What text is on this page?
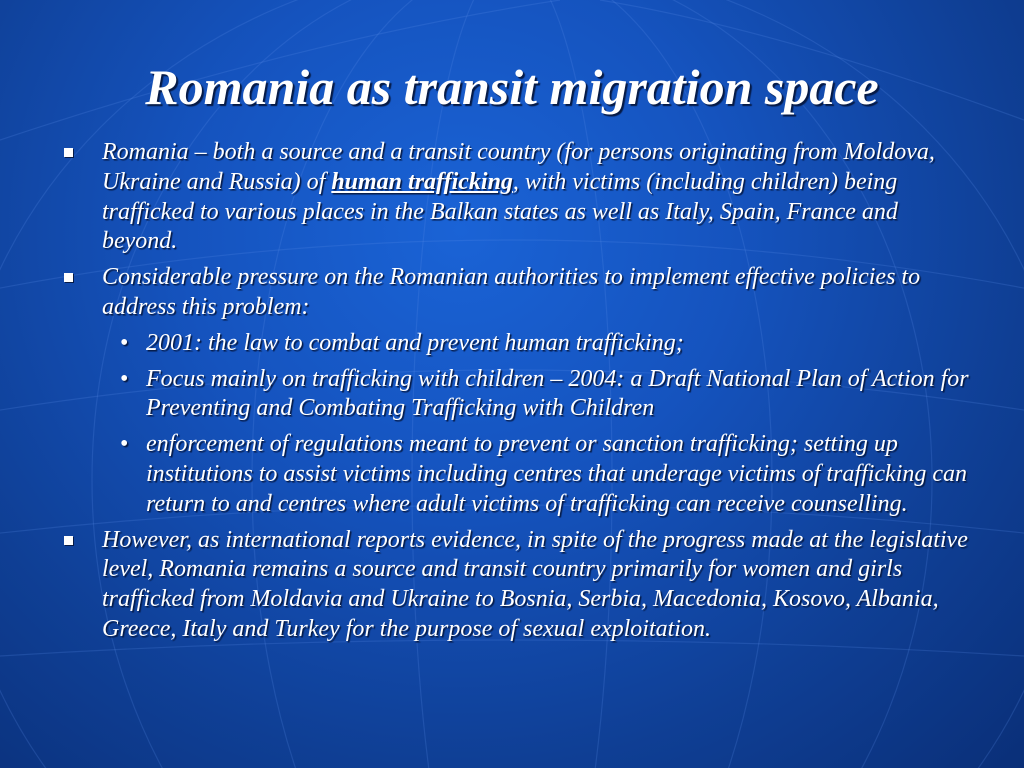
Romania as transit migration space
Romania – both a source and a transit country (for persons originating from Moldova, Ukraine and Russia) of human trafficking, with victims (including children) being trafficked to various places in the Balkan states as well as Italy, Spain, France and beyond.
Considerable pressure on the Romanian authorities to implement effective policies to address this problem:
• 2001: the law to combat and prevent human trafficking;
• Focus mainly on trafficking with children – 2004: a Draft National Plan of Action for Preventing and Combating Trafficking with Children
• enforcement of regulations meant to prevent or sanction trafficking; setting up institutions to assist victims including centres that underage victims of trafficking can return to and centres where adult victims of trafficking can receive counselling.
However, as international reports evidence, in spite of the progress made at the legislative level, Romania remains a source and transit country primarily for women and girls trafficked from Moldavia and Ukraine to Bosnia, Serbia, Macedonia, Kosovo, Albania, Greece, Italy and Turkey for the purpose of sexual exploitation.
